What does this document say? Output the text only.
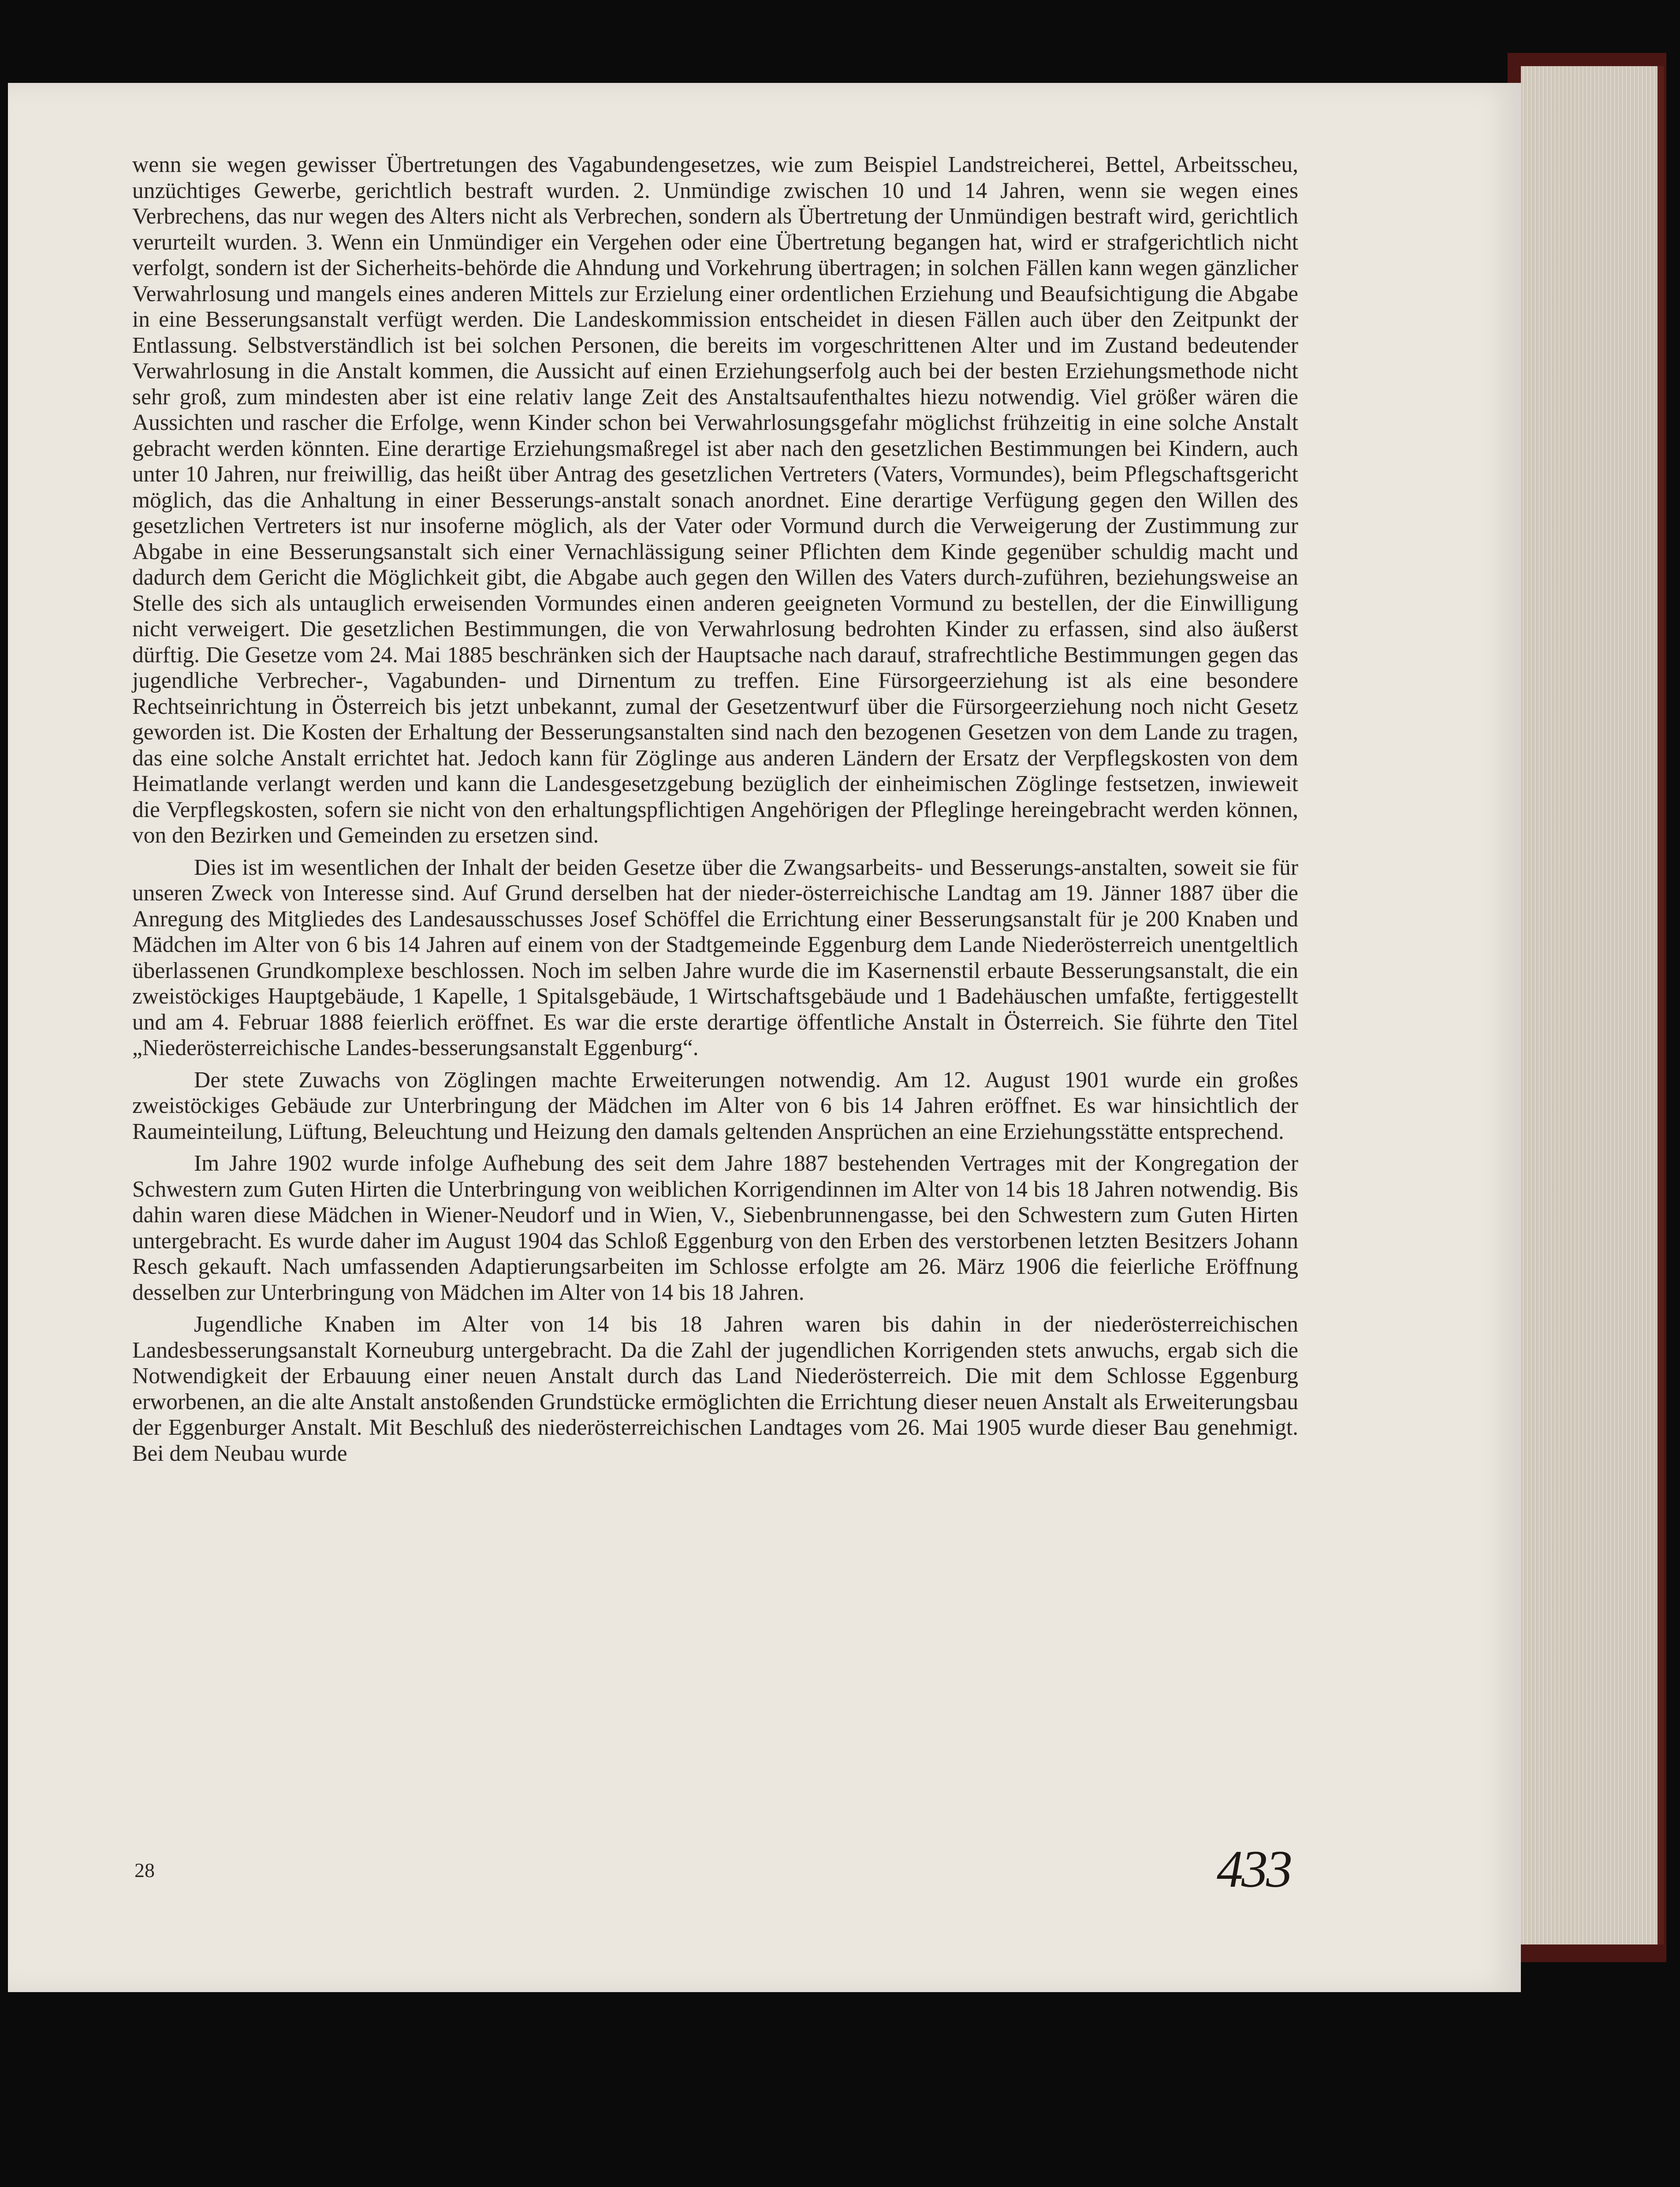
wenn sie wegen gewisser Übertretungen des Vagabundengesetzes, wie zum Beispiel Landstreicherei, Bettel, Arbeitsscheu, unzüchtiges Gewerbe, gerichtlich bestraft wurden. 2. Unmündige zwischen 10 und 14 Jahren, wenn sie wegen eines Verbrechens, das nur wegen des Alters nicht als Verbrechen, sondern als Übertretung der Unmündigen bestraft wird, gerichtlich verurteilt wurden. 3. Wenn ein Unmündiger ein Vergehen oder eine Übertretung begangen hat, wird er strafgerichtlich nicht verfolgt, sondern ist der Sicherheits-behörde die Ahndung und Vorkehrung übertragen; in solchen Fällen kann wegen gänzlicher Verwahrlosung und mangels eines anderen Mittels zur Erzielung einer ordentlichen Erziehung und Beaufsichtigung die Abgabe in eine Besserungsanstalt verfügt werden. Die Landeskommission entscheidet in diesen Fällen auch über den Zeitpunkt der Entlassung. Selbstverständlich ist bei solchen Personen, die bereits im vorgeschrittenen Alter und im Zustand bedeutender Verwahrlosung in die Anstalt kommen, die Aussicht auf einen Erziehungserfolg auch bei der besten Erziehungsmethode nicht sehr groß, zum mindesten aber ist eine relativ lange Zeit des Anstaltsaufenthaltes hiezu notwendig. Viel größer wären die Aussichten und rascher die Erfolge, wenn Kinder schon bei Verwahrlosungsgefahr möglichst frühzeitig in eine solche Anstalt gebracht werden könnten. Eine derartige Erziehungsmaßregel ist aber nach den gesetzlichen Bestimmungen bei Kindern, auch unter 10 Jahren, nur freiwillig, das heißt über Antrag des gesetzlichen Vertreters (Vaters, Vormundes), beim Pflegschaftsgericht möglich, das die Anhaltung in einer Besserungs-anstalt sonach anordnet. Eine derartige Verfügung gegen den Willen des gesetzlichen Vertreters ist nur insoferne möglich, als der Vater oder Vormund durch die Verweigerung der Zustimmung zur Abgabe in eine Besserungsanstalt sich einer Vernachlässigung seiner Pflichten dem Kinde gegenüber schuldig macht und dadurch dem Gericht die Möglichkeit gibt, die Abgabe auch gegen den Willen des Vaters durch-zuführen, beziehungsweise an Stelle des sich als untauglich erweisenden Vormundes einen anderen geeigneten Vormund zu bestellen, der die Einwilligung nicht verweigert. Die gesetzlichen Bestimmungen, die von Verwahrlosung bedrohten Kinder zu erfassen, sind also äußerst dürftig. Die Gesetze vom 24. Mai 1885 beschränken sich der Hauptsache nach darauf, strafrechtliche Bestimmungen gegen das jugendliche Verbrecher-, Vagabunden- und Dirnentum zu treffen. Eine Fürsorgeerziehung ist als eine besondere Rechtseinrichtung in Österreich bis jetzt unbekannt, zumal der Gesetzentwurf über die Fürsorgeerziehung noch nicht Gesetz geworden ist. Die Kosten der Erhaltung der Besserungsanstalten sind nach den bezogenen Gesetzen von dem Lande zu tragen, das eine solche Anstalt errichtet hat. Jedoch kann für Zöglinge aus anderen Ländern der Ersatz der Verpflegskosten von dem Heimatlande verlangt werden und kann die Landesgesetzgebung bezüglich der einheimischen Zöglinge festsetzen, inwieweit die Verpflegskosten, sofern sie nicht von den erhaltungspflichtigen Angehörigen der Pfleglinge hereingebracht werden können, von den Bezirken und Gemeinden zu ersetzen sind.

Dies ist im wesentlichen der Inhalt der beiden Gesetze über die Zwangsarbeits- und Besserungs-anstalten, soweit sie für unseren Zweck von Interesse sind. Auf Grund derselben hat der nieder-österreichische Landtag am 19. Jänner 1887 über die Anregung des Mitgliedes des Landesausschusses Josef Schöffel die Errichtung einer Besserungsanstalt für je 200 Knaben und Mädchen im Alter von 6 bis 14 Jahren auf einem von der Stadtgemeinde Eggenburg dem Lande Niederösterreich unentgeltlich überlassenen Grundkomplexe beschlossen. Noch im selben Jahre wurde die im Kasernenstil erbaute Besserungsanstalt, die ein zweistöckiges Hauptgebäude, 1 Kapelle, 1 Spitalsgebäude, 1 Wirtschaftsgebäude und 1 Badehäuschen umfaßte, fertiggestellt und am 4. Februar 1888 feierlich eröffnet. Es war die erste derartige öffentliche Anstalt in Österreich. Sie führte den Titel „Niederösterreichische Landes-besserungsanstalt Eggenburg“.

Der stete Zuwachs von Zöglingen machte Erweiterungen notwendig. Am 12. August 1901 wurde ein großes zweistöckiges Gebäude zur Unterbringung der Mädchen im Alter von 6 bis 14 Jahren eröffnet. Es war hinsichtlich der Raumeinteilung, Lüftung, Beleuchtung und Heizung den damals geltenden Ansprüchen an eine Erziehungsstätte entsprechend.

Im Jahre 1902 wurde infolge Aufhebung des seit dem Jahre 1887 bestehenden Vertrages mit der Kongregation der Schwestern zum Guten Hirten die Unterbringung von weiblichen Korrigendinnen im Alter von 14 bis 18 Jahren notwendig. Bis dahin waren diese Mädchen in Wiener-Neudorf und in Wien, V., Siebenbrunnengasse, bei den Schwestern zum Guten Hirten untergebracht. Es wurde daher im August 1904 das Schloß Eggenburg von den Erben des verstorbenen letzten Besitzers Johann Resch gekauft. Nach umfassenden Adaptierungsarbeiten im Schlosse erfolgte am 26. März 1906 die feierliche Eröffnung desselben zur Unterbringung von Mädchen im Alter von 14 bis 18 Jahren.

Jugendliche Knaben im Alter von 14 bis 18 Jahren waren bis dahin in der niederösterreichischen Landesbesserungsanstalt Korneuburg untergebracht. Da die Zahl der jugendlichen Korrigenden stets anwuchs, ergab sich die Notwendigkeit der Erbauung einer neuen Anstalt durch das Land Niederösterreich. Die mit dem Schlosse Eggenburg erworbenen, an die alte Anstalt anstoßenden Grundstücke ermöglichten die Errichtung dieser neuen Anstalt als Erweiterungsbau der Eggenburger Anstalt. Mit Beschluß des niederösterreichischen Landtages vom 26. Mai 1905 wurde dieser Bau genehmigt. Bei dem Neubau wurde

28	433
